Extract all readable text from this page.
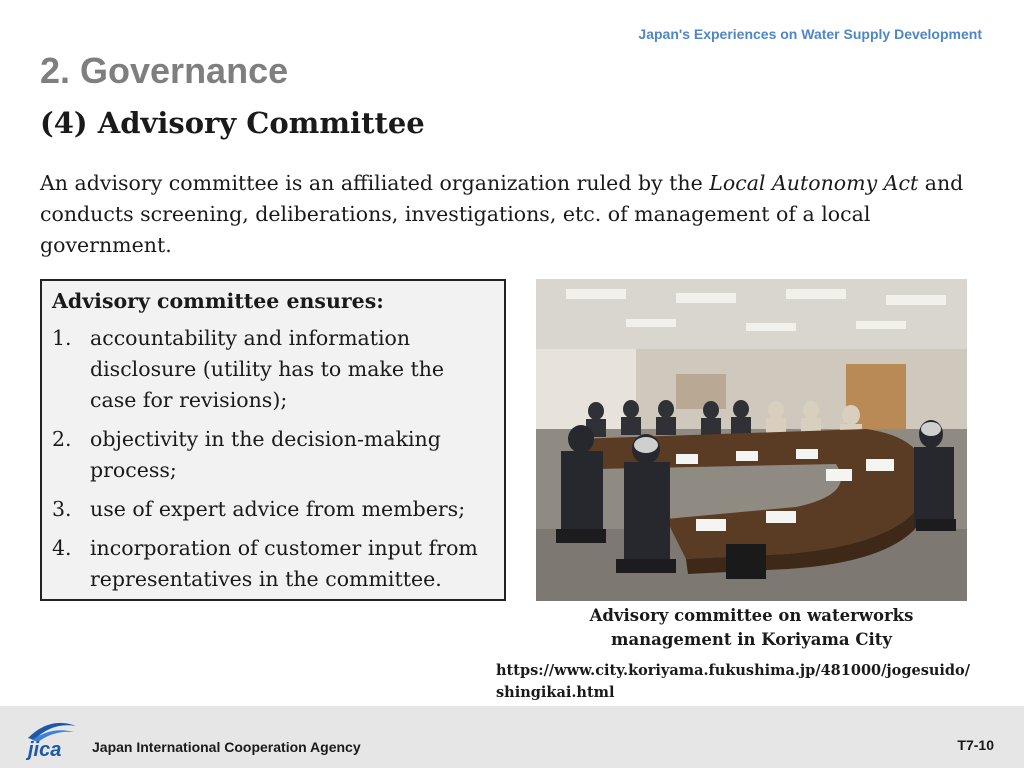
Japan's Experiences on Water Supply Development
2. Governance
(4) Advisory Committee

An advisory committee is an affiliated organization ruled by the Local Autonomy Act and conducts screening, deliberations, investigations, etc. of management of a local government.

Advisory committee ensures:

1. accountability and information disclosure (utility has to make the case for revisions);
2. objectivity in the decision-making process;
3. use of expert advice from members;
4. incorporation of customer input from representatives in the committee.

Advisory committee on waterworks management in Koriyama City

https://www.city.koriyama.fukushima.jp/481000/jogesuido/shingikai.html
jica Japan International Cooperation Agency	T7-10
